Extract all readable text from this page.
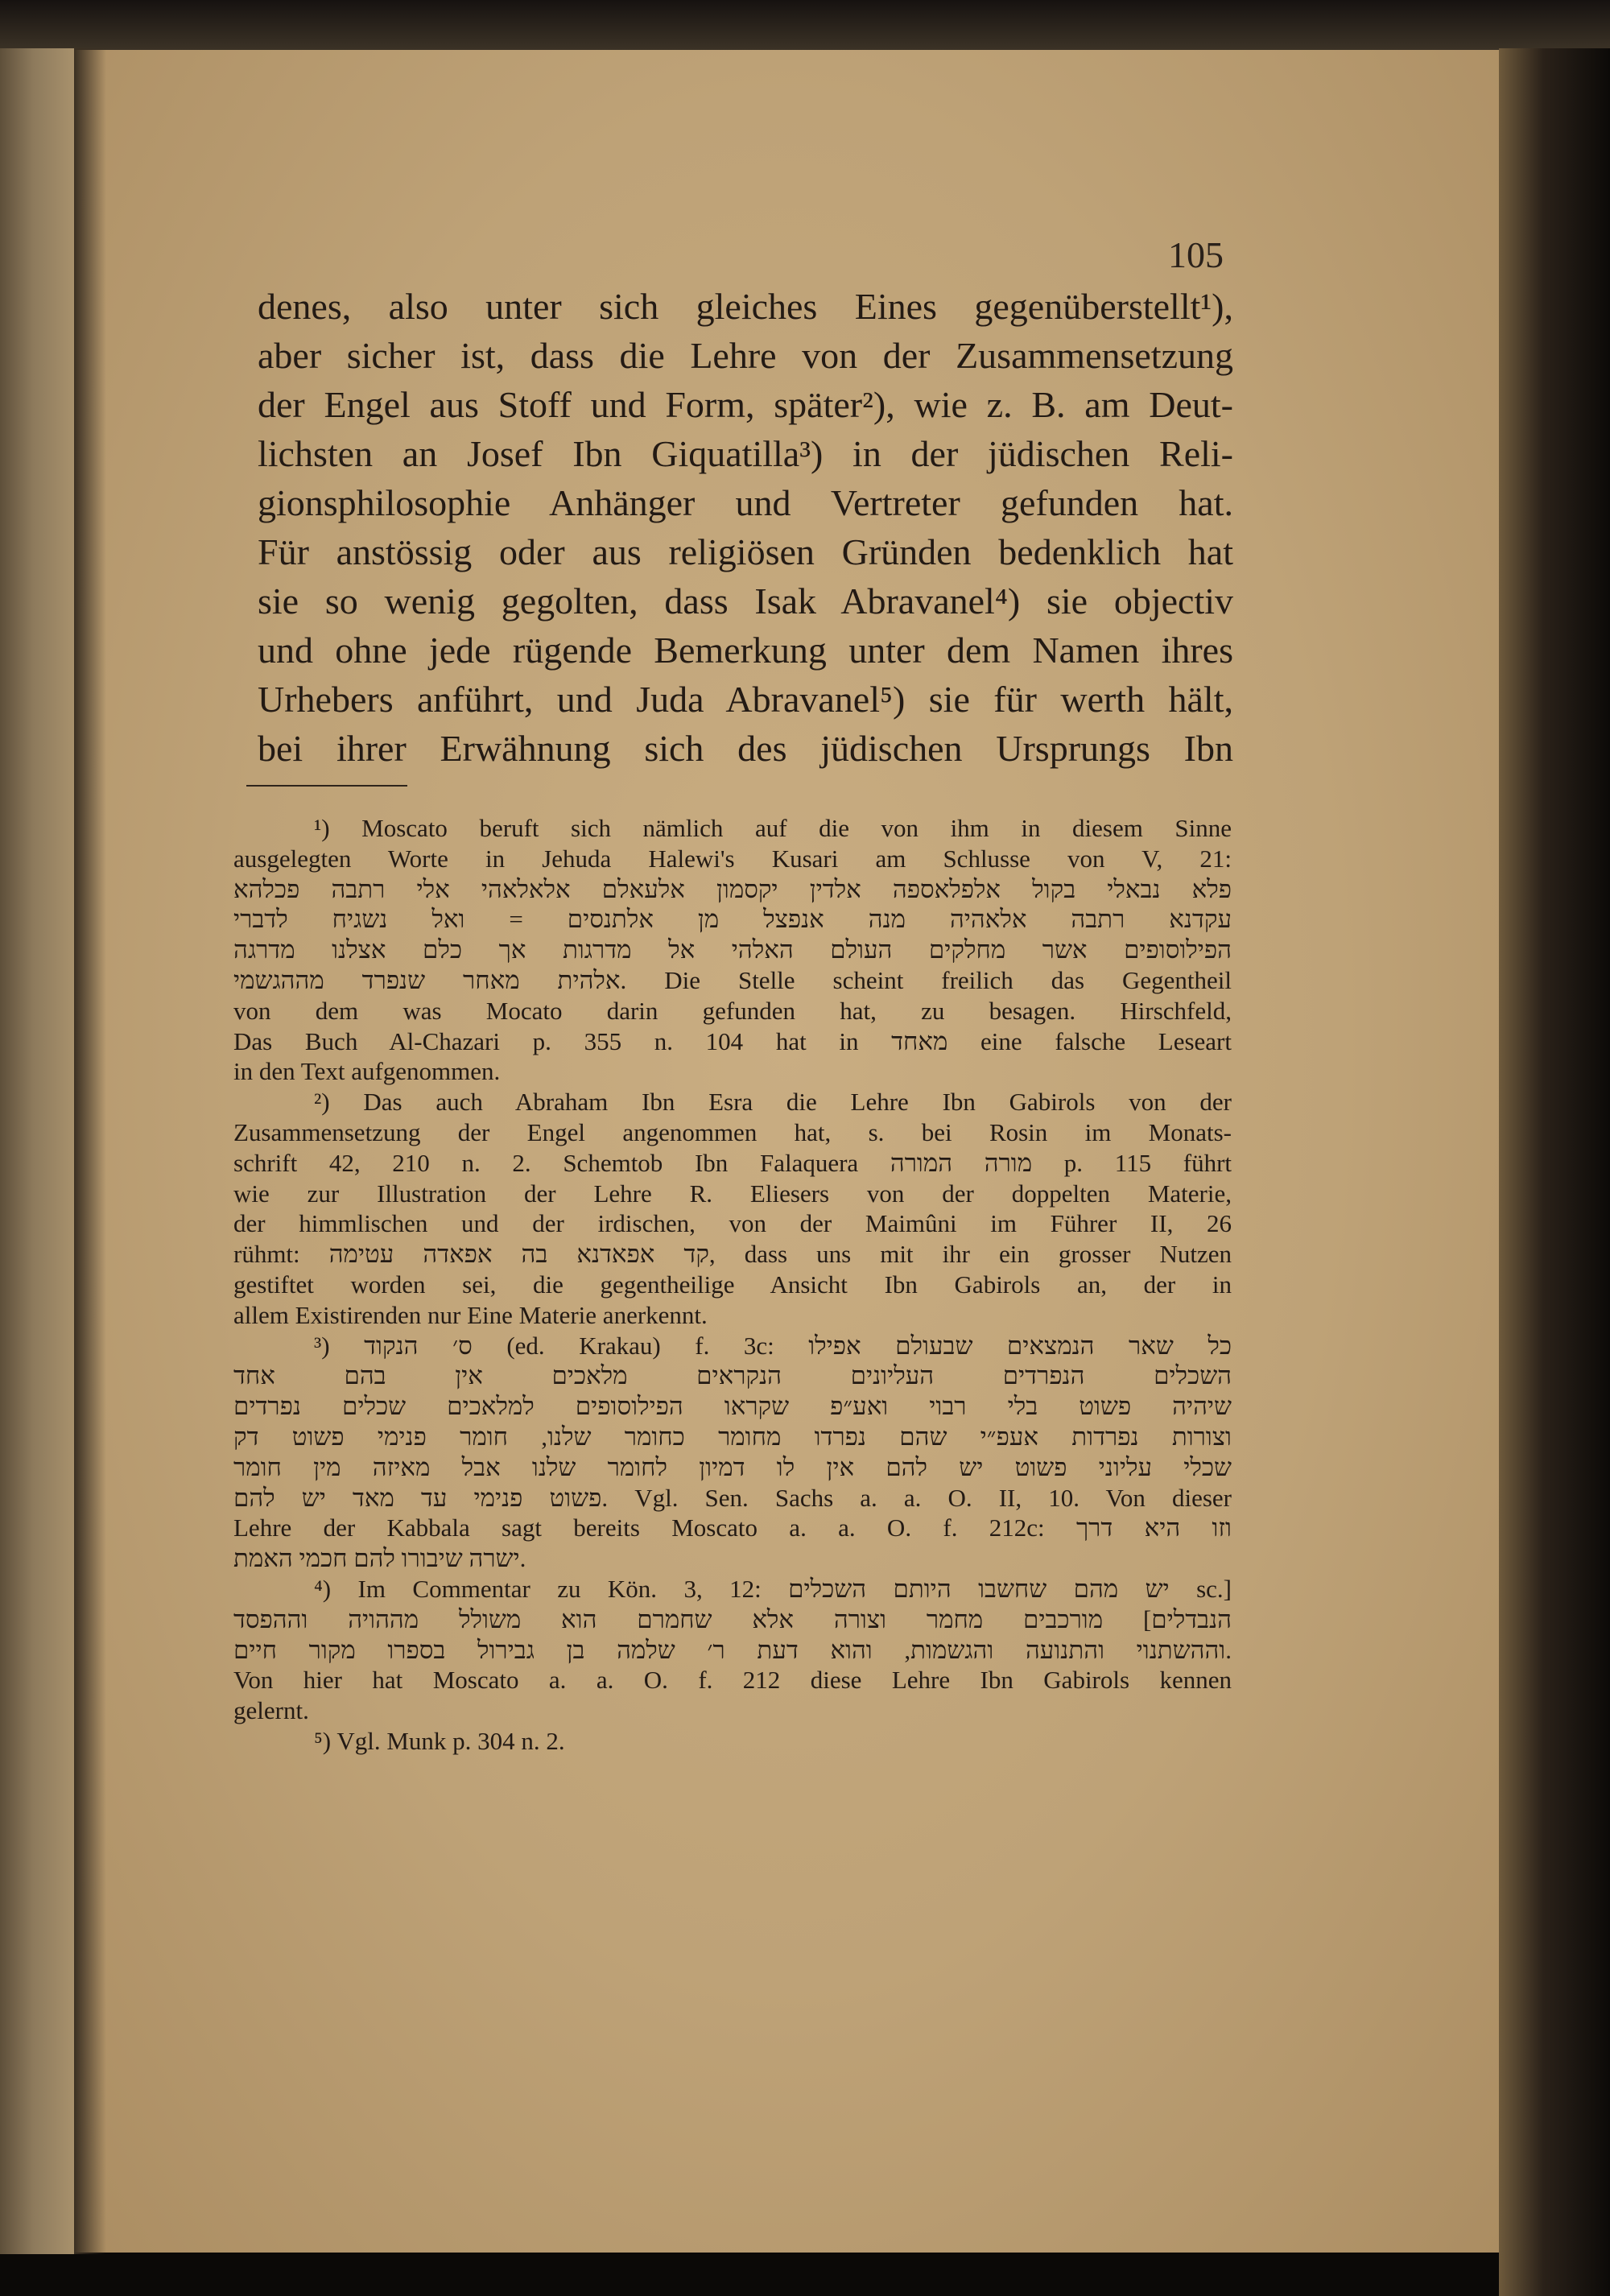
105
denes, also unter sich gleiches Eines gegenüberstellt¹),
aber sicher ist, dass die Lehre von der Zusammensetzung
der Engel aus Stoff und Form, später²), wie z. B. am Deut-
lichsten an Josef Ibn Giquatilla³) in der jüdischen Reli-
gionsphilosophie Anhänger und Vertreter gefunden hat.
Für anstössig oder aus religiösen Gründen bedenklich hat
sie so wenig gegolten, dass Isak Abravanel⁴) sie objectiv
und ohne jede rügende Bemerkung unter dem Namen ihres
Urhebers anführt, und Juda Abravanel⁵) sie für werth hält,
bei ihrer Erwähnung sich des jüdischen Ursprungs Ibn
¹) Moscato beruft sich nämlich auf die von ihm in diesem Sinne
ausgelegten Worte in Jehuda Halewi's Kusari am Schlusse von V, 21:
פלא נבאלי בקול אלפלאספה אלדין יקסמון אלעאלם אלאלאהי אלי רתבה פכלהא
עקדנא רתבה אלאהיה מנה אנפצל מן אלתנסים = ואל נשגיח לדברי
הפילוסופים אשר מחלקים העולם האלהי אל מדרגות אך כלם אצלנו מדרגה
אלהית מאחר שנפרד מההגשמי. Die Stelle scheint freilich das Gegentheil
von dem was Mocato darin gefunden hat, zu besagen. Hirschfeld,
Das Buch Al-Chazari p. 355 n. 104 hat in מאחד eine falsche Leseart
in den Text aufgenommen.
²) Das auch Abraham Ibn Esra die Lehre Ibn Gabirols von der
Zusammensetzung der Engel angenommen hat, s. bei Rosin im Monats-
schrift 42, 210 n. 2. Schemtob Ibn Falaquera מורה המורה p. 115 führt
wie zur Illustration der Lehre R. Eliesers von der doppelten Materie,
der himmlischen und der irdischen, von der Maimûni im Führer II, 26
rühmt: קד אפאדנא בה אפאדה עטימה, dass uns mit ihr ein grosser Nutzen
gestiftet worden sei, die gegentheilige Ansicht Ibn Gabirols an, der in
allem Existirenden nur Eine Materie anerkennt.
³) ס׳ הנקוד (ed. Krakau) f. 3c: כל שאר הנמצאים שבעולם אפילו
השכלים הנפרדים העליונים הנקראים מלאכים אין בהם אחד
שיהיה פשוט בלי רבוי ואע״פ שקראו הפילוסופים למלאכים שכלים נפרדים
וצורות נפרדות אעפ״י שהם נפרדו מחומר כחומר שלנו, חומר פנימי פשוט דק
שכלי עליוני פשוט יש להם אין לו דמיון לחומר שלנו אבל מאיזה מין חומר
פשוט פנימי עד מאד יש להם. Vgl. Sen. Sachs a. a. O. II, 10. Von dieser
Lehre der Kabbala sagt bereits Moscato a. a. O. f. 212c: וזו היא דרך
ישרה שיבורו להם חכמי האמת.
⁴) Im Commentar zu Kön. 3, 12: יש מהם שחשבו היותם השכלים sc.]
הנבדלים] מורכבים מחמר וצורה אלא שחמרם הוא משולל מההויה וההפסד
וההשתנוי והתנועה והגשמות, והוא דעת ר׳ שלמה בן גבירול בספרו מקור חיים.
Von hier hat Moscato a. a. O. f. 212 diese Lehre Ibn Gabirols kennen
gelernt.
⁵) Vgl. Munk p. 304 n. 2.
